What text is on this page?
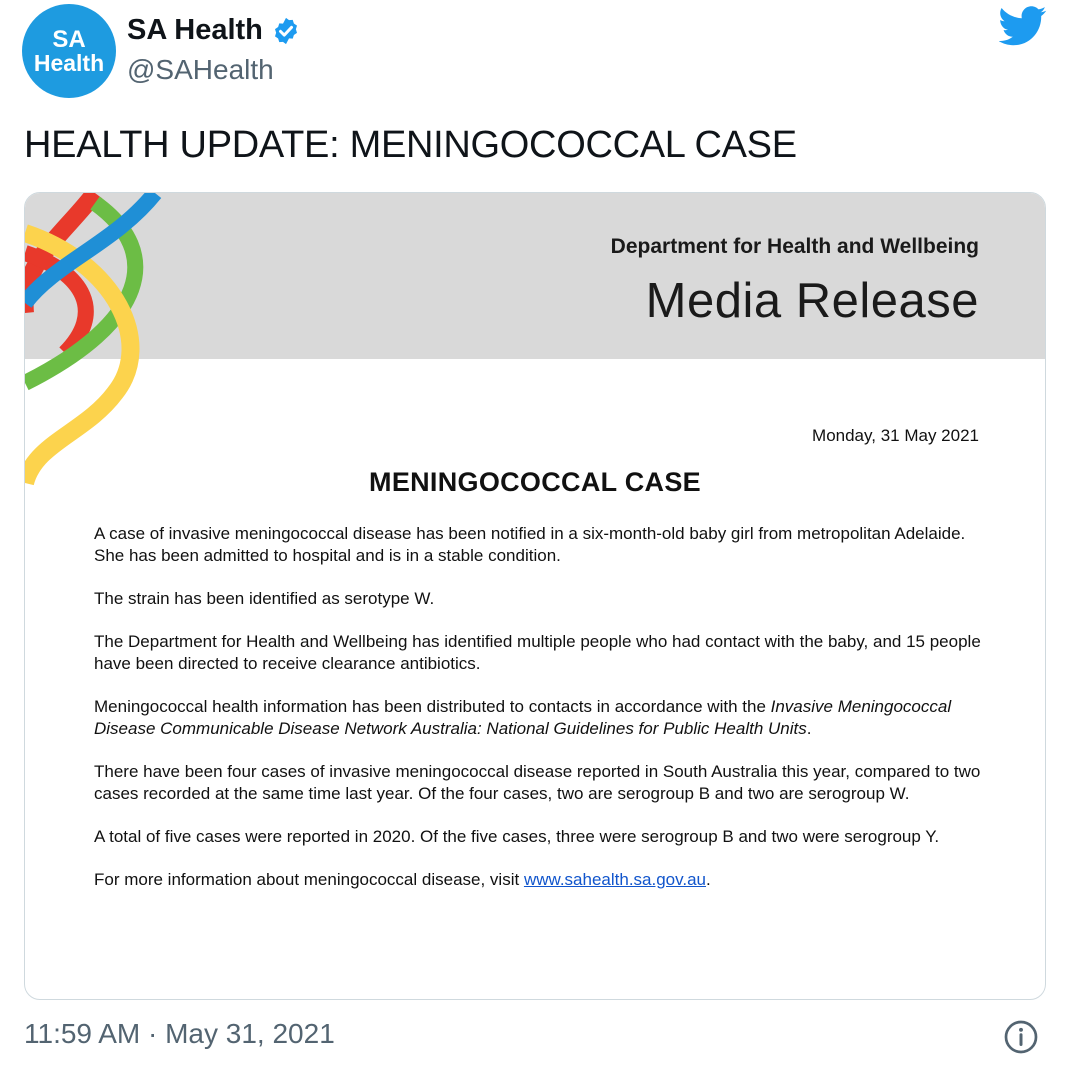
SA
Health
SA Health
@SAHealth
HEALTH UPDATE: MENINGOCOCCAL CASE
Department for Health and Wellbeing
Media Release
Monday, 31 May 2021
MENINGOCOCCAL CASE

A case of invasive meningococcal disease has been notified in a six-month-old baby girl from metropolitan Adelaide. She has been admitted to hospital and is in a stable condition.

The strain has been identified as serotype W.

The Department for Health and Wellbeing has identified multiple people who had contact with the baby, and 15 people have been directed to receive clearance antibiotics.

Meningococcal health information has been distributed to contacts in accordance with the Invasive Meningococcal Disease Communicable Disease Network Australia: National Guidelines for Public Health Units.

There have been four cases of invasive meningococcal disease reported in South Australia this year, compared to two cases recorded at the same time last year. Of the four cases, two are serogroup B and two are serogroup W.

A total of five cases were reported in 2020. Of the five cases, three were serogroup B and two were serogroup Y.

For more information about meningococcal disease, visit www.sahealth.sa.gov.au.

11:59 AM · May 31, 2021
